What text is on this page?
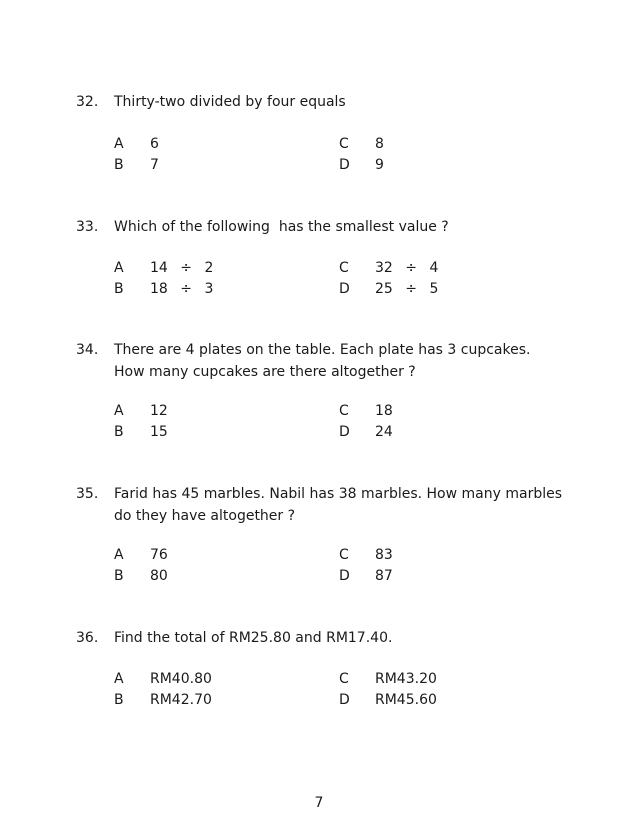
32. Thirty-two divided by four equals
A 6
B 7
C 8
D 9
33. Which of the following  has the smallest value ?
A 14 ÷ 2
B 18 ÷ 3
C 32 ÷ 4
D 25 ÷ 5
34. There are 4 plates on the table. Each plate has 3 cupcakes.
How many cupcakes are there altogether ?
A 12
B 15
C 18
D 24
35. Farid has 45 marbles. Nabil has 38 marbles. How many marbles
do they have altogether ?
A 76
B 80
C 83
D 87
36. Find the total of RM25.80 and RM17.40.
A RM40.80
B RM42.70
C RM43.20
D RM45.60
7
